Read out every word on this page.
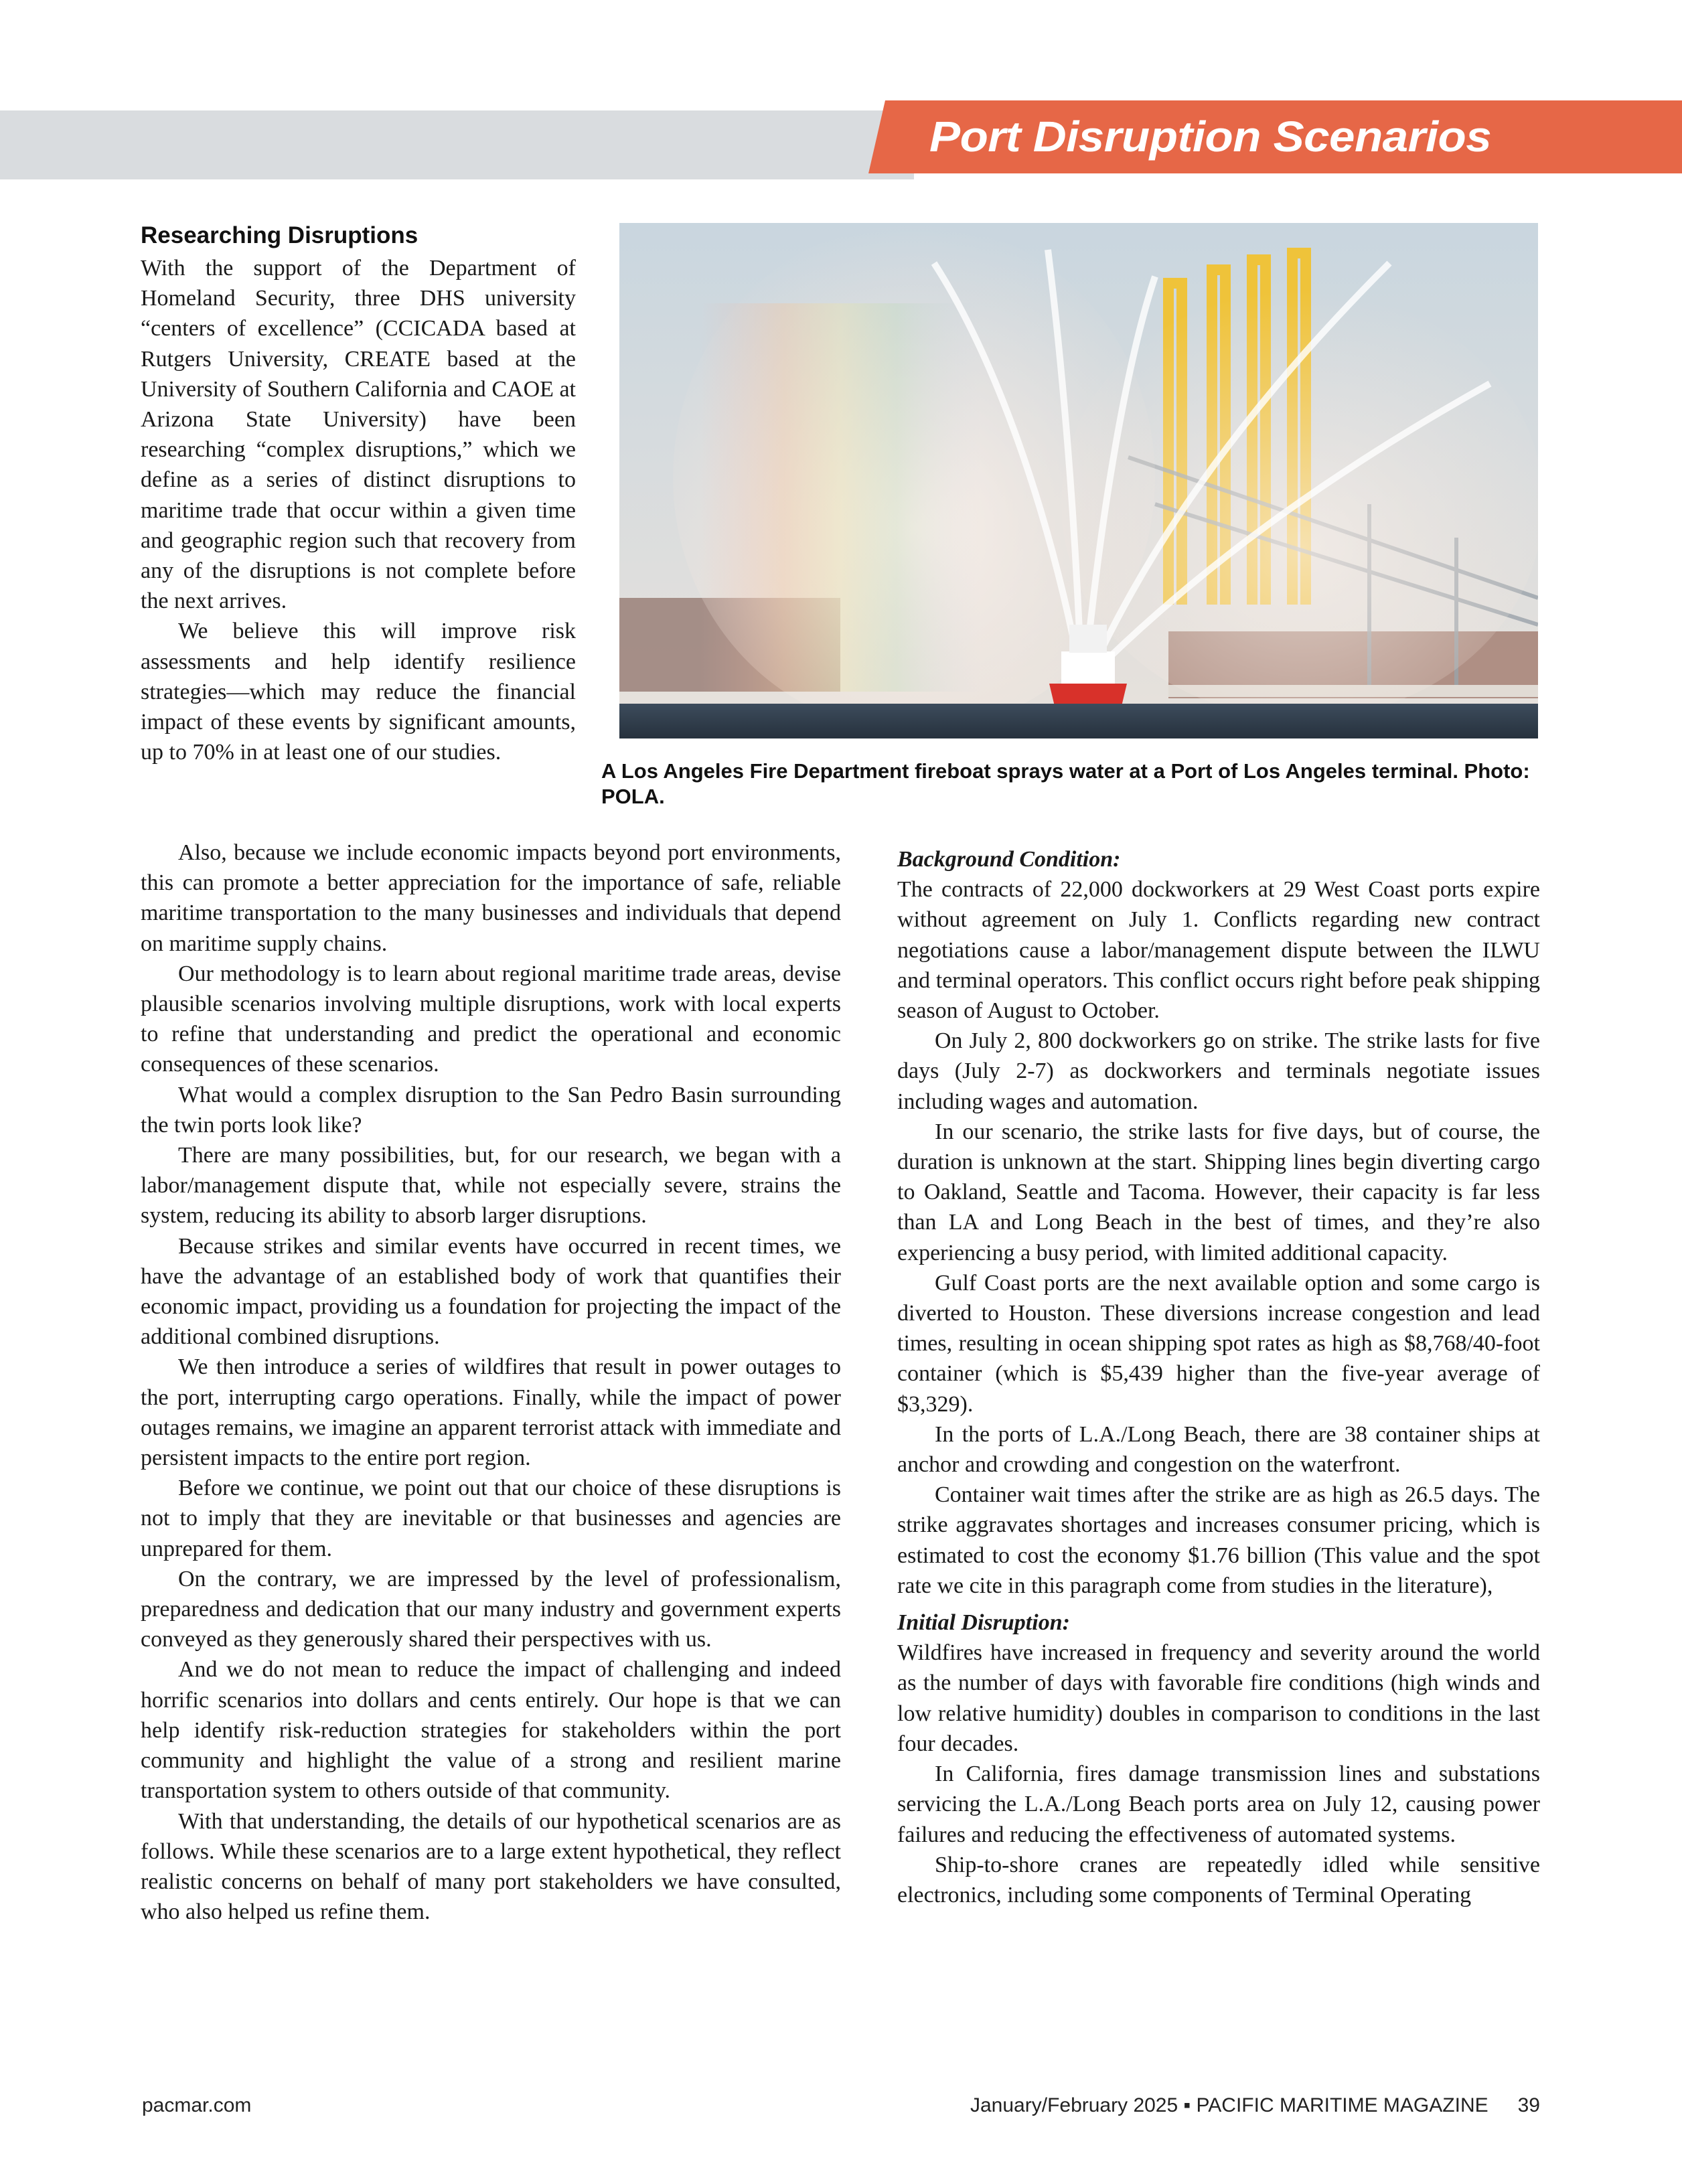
Port Disruption Scenarios
Researching Disruptions

With the support of the Department of Homeland Security, three DHS university “centers of excellence” (CCICADA based at Rutgers University, CREATE based at the University of Southern California and CAOE at Arizona State University) have been researching “complex disruptions,” which we define as a series of distinct disruptions to maritime trade that occur within a given time and geographic region such that recovery from any of the disruptions is not complete before the next arrives.

We believe this will improve risk assessments and help identify resilience strategies—which may reduce the financial impact of these events by significant amounts, up to 70% in at least one of our studies.

A Los Angeles Fire Department fireboat sprays water at a Port of Los Angeles terminal. Photo: POLA.

Also, because we include economic impacts beyond port environments, this can promote a better appreciation for the importance of safe, reliable maritime transportation to the many businesses and individuals that depend on maritime supply chains.

Our methodology is to learn about regional maritime trade areas, devise plausible scenarios involving multiple disruptions, work with local experts to refine that understanding and predict the operational and economic consequences of these scenarios.

What would a complex disruption to the San Pedro Basin surrounding the twin ports look like?

There are many possibilities, but, for our research, we began with a labor/management dispute that, while not especially severe, strains the system, reducing its ability to absorb larger disruptions.

Because strikes and similar events have occurred in recent times, we have the advantage of an established body of work that quantifies their economic impact, providing us a foundation for projecting the impact of the additional combined disruptions.

We then introduce a series of wildfires that result in power outages to the port, interrupting cargo operations. Finally, while the impact of power outages remains, we imagine an apparent terrorist attack with immediate and persistent impacts to the entire port region.

Before we continue, we point out that our choice of these disruptions is not to imply that they are inevitable or that businesses and agencies are unprepared for them.

On the contrary, we are impressed by the level of professionalism, preparedness and dedication that our many industry and government experts conveyed as they generously shared their perspectives with us.

And we do not mean to reduce the impact of challenging and indeed horrific scenarios into dollars and cents entirely. Our hope is that we can help identify risk-reduction strategies for stakeholders within the port community and highlight the value of a strong and resilient marine transportation system to others outside of that community.

With that understanding, the details of our hypothetical scenarios are as follows. While these scenarios are to a large extent hypothetical, they reflect realistic concerns on behalf of many port stakeholders we have consulted, who also helped us refine them.

Background Condition:

The contracts of 22,000 dockworkers at 29 West Coast ports expire without agreement on July 1. Conflicts regarding new contract negotiations cause a labor/management dispute between the ILWU and terminal operators. This conflict occurs right before peak shipping season of August to October.

On July 2, 800 dockworkers go on strike. The strike lasts for five days (July 2-7) as dockworkers and terminals negotiate issues including wages and automation.

In our scenario, the strike lasts for five days, but of course, the duration is unknown at the start. Shipping lines begin diverting cargo to Oakland, Seattle and Tacoma. However, their capacity is far less than LA and Long Beach in the best of times, and they’re also experiencing a busy period, with limited additional capacity.

Gulf Coast ports are the next available option and some cargo is diverted to Houston. These diversions increase congestion and lead times, resulting in ocean shipping spot rates as high as $8,768/40-foot container (which is $5,439 higher than the five-year average of $3,329).

In the ports of L.A./Long Beach, there are 38 container ships at anchor and crowding and congestion on the waterfront.

Container wait times after the strike are as high as 26.5 days. The strike aggravates shortages and increases consumer pricing, which is estimated to cost the economy $1.76 billion (This value and the spot rate we cite in this paragraph come from studies in the literature),

Initial Disruption:

Wildfires have increased in frequency and severity around the world as the number of days with favorable fire conditions (high winds and low relative humidity) doubles in comparison to conditions in the last four decades.

In California, fires damage transmission lines and substations servicing the L.A./Long Beach ports area on July 12, causing power failures and reducing the effectiveness of automated systems.

Ship-to-shore cranes are repeatedly idled while sensitive electronics, including some components of Terminal Operating

pacmar.com	January/February 2025 ▪ PACIFIC MARITIME MAGAZINE 39
